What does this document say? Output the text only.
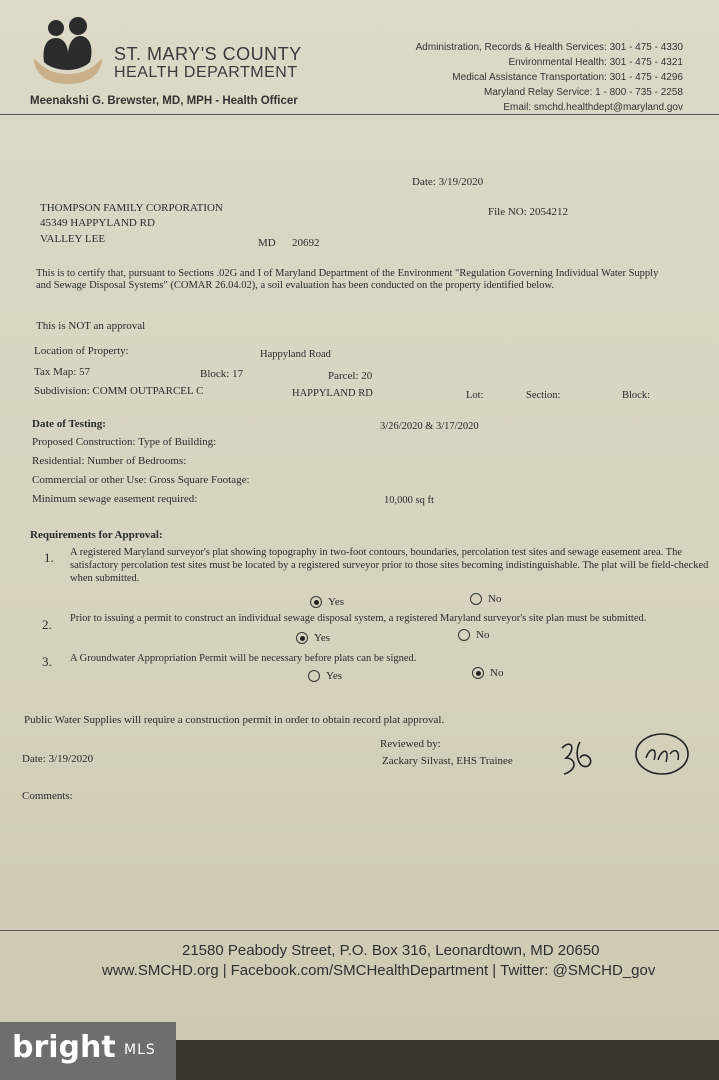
ST. MARY'S COUNTY
HEALTH DEPARTMENT
Meenakshi G. Brewster, MD, MPH - Health Officer
Administration, Records & Health Services: 301 - 475 - 4330
Environmental Health: 301 - 475 - 4321
Medical Assistance Transportation: 301 - 475 - 4296
Maryland Relay Service: 1 - 800 - 735 - 2258
Email: smchd.healthdept@maryland.gov
Date: 3/19/2020
THOMPSON FAMILY CORPORATION
45349 HAPPYLAND RD
File NO: 2054212
VALLEY LEE	MD 20692
This is to certify that, pursuant to Sections .02G and I of Maryland Department of the Environment "Regulation Governing Individual Water Supply and Sewage Disposal Systems" (COMAR 26.04.02), a soil evaluation has been conducted on the property identified below.
This is NOT an approval
Location of Property:	Happyland Road
Tax Map: 57	Block: 17	Parcel: 20
Subdivision: COMM OUTPARCEL C	HAPPYLAND RD	Lot:	Section:	Block:
Date of Testing:	3/26/2020 & 3/17/2020
Proposed Construction: Type of Building:
Residential: Number of Bedrooms:
Commercial or other Use: Gross Square Footage:
Minimum sewage easement required:	10,000 sq ft
Requirements for Approval:
1. A registered Maryland surveyor's plat showing topography in two-foot contours, boundaries, percolation test sites and sewage easement area. The satisfactory percolation test sites must be located by a registered surveyor prior to those sites becoming indistinguishable. The plat will be field-checked when submitted.
Yes	No
2. Prior to issuing a permit to construct an individual sewage disposal system, a registered Maryland surveyor's site plan must be submitted.
Yes	No
3. A Groundwater Appropriation Permit will be necessary before plats can be signed.
Yes	No
Public Water Supplies will require a construction permit in order to obtain record plat approval.
Date: 3/19/2020
Reviewed by:
Zackary Silvast, EHS Trainee
Comments:
21580 Peabody Street, P.O. Box 316, Leonardtown, MD 20650
www.SMCHD.org | Facebook.com/SMCHealthDepartment | Twitter: @SMCHD_gov
bright MLS
